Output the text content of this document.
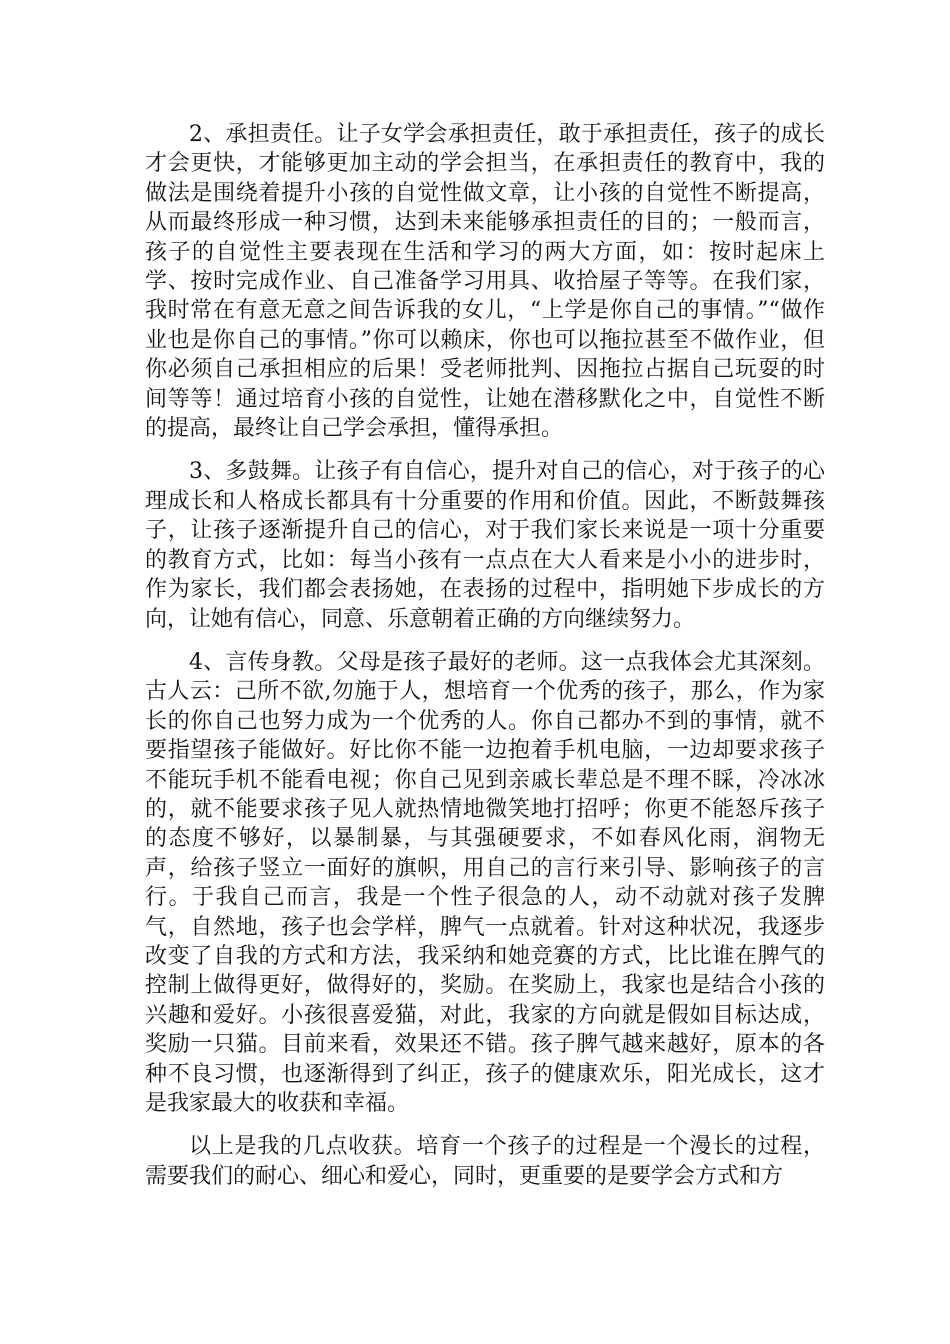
2、承担责任。让子女学会承担责任，敢于承担责任，孩子的成长才会更快，才能够更加主动的学会担当，在承担责任的教育中，我的做法是围绕着提升小孩的自觉性做文章，让小孩的自觉性不断提高，从而最终形成一种习惯，达到未来能够承担责任的目的；一般而言，孩子的自觉性主要表现在生活和学习的两大方面，如：按时起床上学、按时完成作业、自己准备学习用具、收拾屋子等等。在我们家，我时常在有意无意之间告诉我的女儿，“上学是你自己的事情。”“做作业也是你自己的事情。”你可以赖床，你也可以拖拉甚至不做作业，但你必须自己承担相应的后果！受老师批判、因拖拉占据自己玩耍的时间等等！通过培育小孩的自觉性，让她在潜移默化之中，自觉性不断的提高，最终让自己学会承担，懂得承担。

3、多鼓舞。让孩子有自信心，提升对自己的信心，对于孩子的心理成长和人格成长都具有十分重要的作用和价值。因此，不断鼓舞孩子，让孩子逐渐提升自己的信心，对于我们家长来说是一项十分重要的教育方式，比如：每当小孩有一点点在大人看来是小小的进步时，作为家长，我们都会表扬她，在表扬的过程中，指明她下步成长的方向，让她有信心，同意、乐意朝着正确的方向继续努力。

4、言传身教。父母是孩子最好的老师。这一点我体会尤其深刻。古人云：己所不欲,勿施于人，想培育一个优秀的孩子，那么，作为家长的你自己也努力成为一个优秀的人。你自己都办不到的事情，就不要指望孩子能做好。好比你不能一边抱着手机电脑，一边却要求孩子不能玩手机不能看电视；你自己见到亲戚长辈总是不理不睬，冷冰冰的，就不能要求孩子见人就热情地微笑地打招呼；你更不能怒斥孩子的态度不够好，以暴制暴，与其强硬要求，不如春风化雨，润物无声，给孩子竖立一面好的旗帜，用自己的言行来引导、影响孩子的言行。于我自己而言，我是一个性子很急的人，动不动就对孩子发脾气，自然地，孩子也会学样，脾气一点就着。针对这种状况，我逐步改变了自我的方式和方法，我采纳和她竞赛的方式，比比谁在脾气的控制上做得更好，做得好的，奖励。在奖励上，我家也是结合小孩的兴趣和爱好。小孩很喜爱猫，对此，我家的方向就是假如目标达成，奖励一只猫。目前来看，效果还不错。孩子脾气越来越好，原本的各种不良习惯，也逐渐得到了纠正，孩子的健康欢乐，阳光成长，这才是我家最大的收获和幸福。

以上是我的几点收获。培育一个孩子的过程是一个漫长的过程，需要我们的耐心、细心和爱心，同时，更重要的是要学会方式和方
